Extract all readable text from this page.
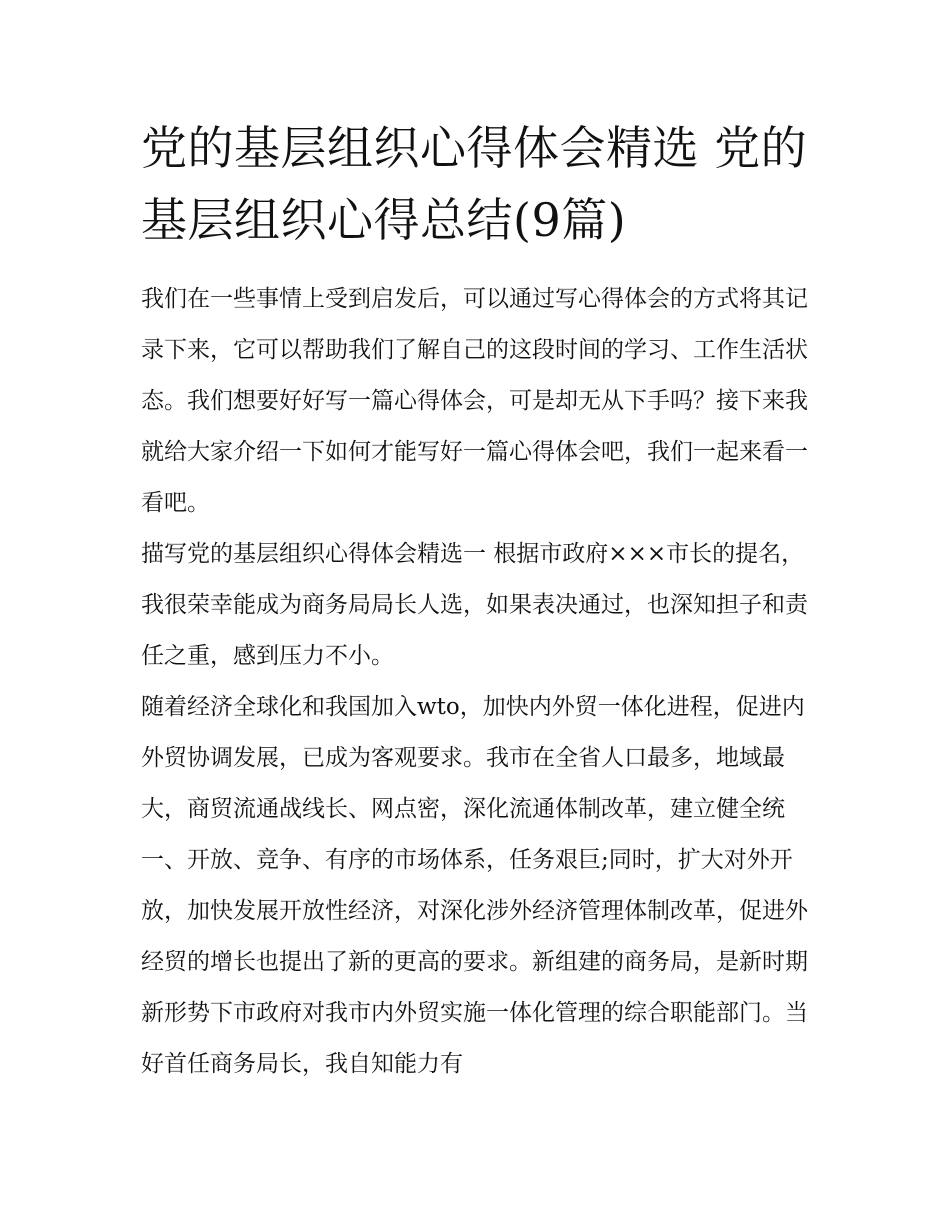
党的基层组织心得体会精选 党的基层组织心得总结(9篇)

我们在一些事情上受到启发后，可以通过写心得体会的方式将其记录下来，它可以帮助我们了解自己的这段时间的学习、工作生活状态。我们想要好好写一篇心得体会，可是却无从下手吗？接下来我就给大家介绍一下如何才能写好一篇心得体会吧，我们一起来看一看吧。

描写党的基层组织心得体会精选一 根据市政府×××市长的提名，我很荣幸能成为商务局局长人选，如果表决通过，也深知担子和责任之重，感到压力不小。

随着经济全球化和我国加入wto，加快内外贸一体化进程，促进内外贸协调发展，已成为客观要求。我市在全省人口最多，地域最大，商贸流通战线长、网点密，深化流通体制改革，建立健全统一、开放、竞争、有序的市场体系，任务艰巨;同时，扩大对外开放，加快发展开放性经济，对深化涉外经济管理体制改革，促进外经贸的增长也提出了新的更高的要求。新组建的商务局，是新时期新形势下市政府对我市内外贸实施一体化管理的综合职能部门。当好首任商务局长，我自知能力有
